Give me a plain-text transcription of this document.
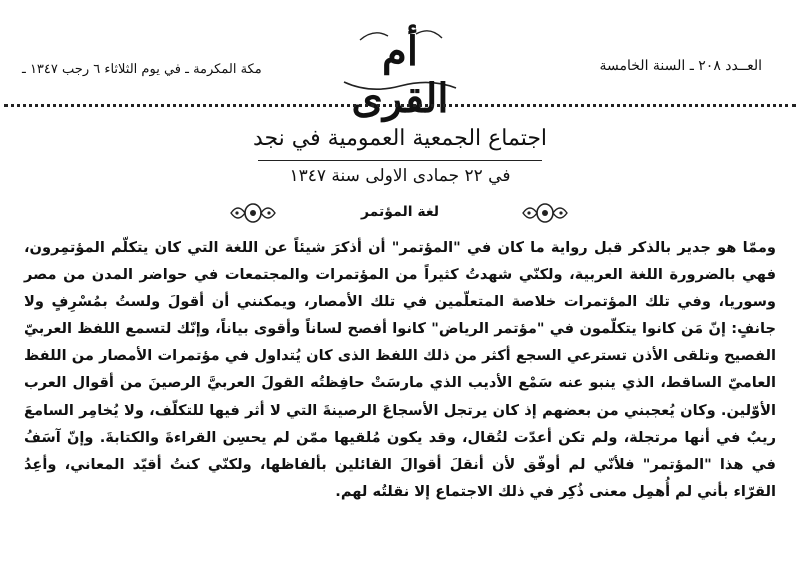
مكة المكرمة ـ في يوم الثلاثاء ٦ رجب ١٣٤٧ ـ	أم القرى
العــدد ٢٠٨ ـ السنة الخامسة
اجتماع الجمعية العمومية في نجد
في ٢٢ جمادى الاولى سنة ١٣٤٧
لغة المؤتمر
وممّا هو جدير بالذكر قبل رواية ما كان في "المؤتمر" أن أذكرَ شيئاً عن اللغة التي كان يتكلّم المؤتمِرون، فهي بالضرورة اللغة العربية، ولكنّي شهدتُ كثيراً من المؤتمرات والمجتمعات في حواضر المدن من مصر وسوريا، وفي تلك المؤتمرات خلاصة المتعلّمين في تلك الأمصار، ويمكنني أن أقولَ ولستُ بمُسْرِفٍ ولا جانفٍ: إنّ مَن كانوا يتكلّمون في "مؤتمر الرياض" كانوا أفصح لساناً وأقوى بياناً، وإنّك لتسمع اللفظ العربيّ الفصيح وتلقى الأذن تسترعي السجع أكثر من ذلك اللفظ الذى كان يُتداول في مؤتمرات الأمصار من اللفظ العاميّ الساقط، الذي ينبو عنه سَمْع الأديب الذي مارسَتْ حافِظتُه القولَ العربيَّ الرصينَ من أقوال العرب الأوّلين. وكان يُعجبني من بعضهم إذ كان يرتجل الأسجاعَ الرصينةَ التي لا أثر فيها للتكلّف، ولا يُخامِر السامعَ ريبٌ في أنها مرتجلة، ولم تكن أعدّت لتُقال، وقد يكون مُلقيها ممّن لم يحسِن القراءةَ والكتابةَ. وإنّ آسَفُ في هذا "المؤتمر" فلأنّي لم أوفّق لأن أنقلَ أقوالَ القائلين بألفاظها، ولكنّي كنتُ أقيّد المعاني، وأعِدُ القرّاء بأني لم أُهمِل معنى ذُكِر في ذلك الاجتماع إلا نقلتُه لهم.
